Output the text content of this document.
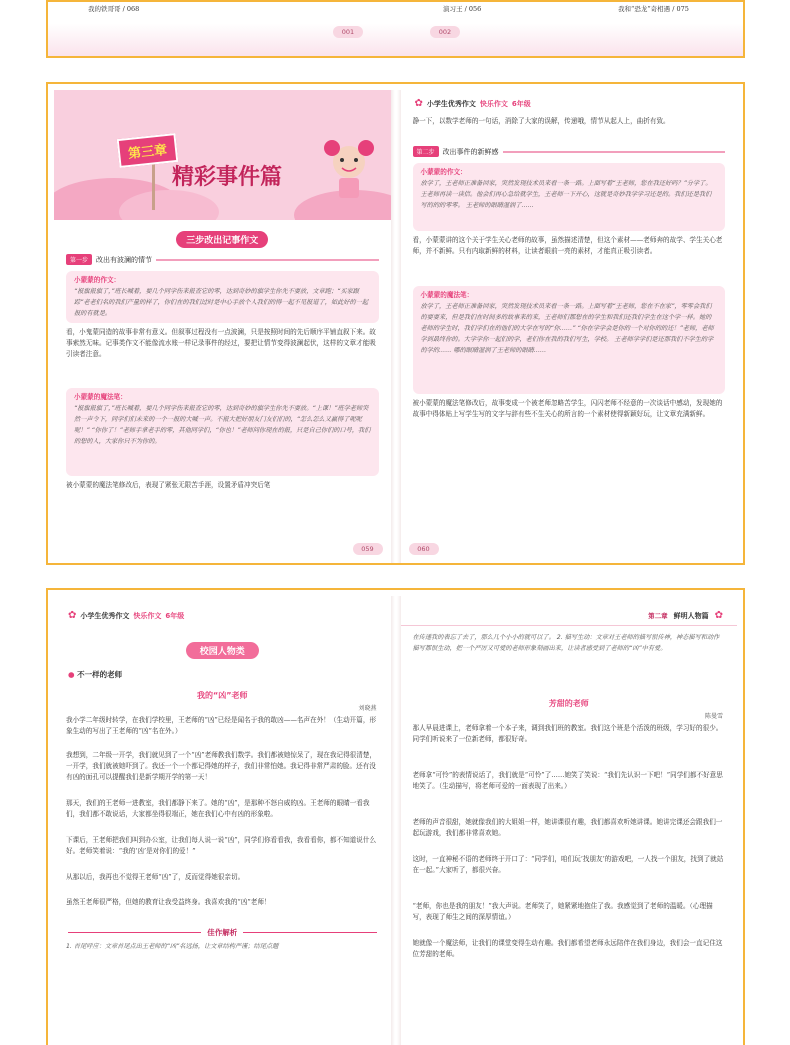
我的铁哥哥 / 068	演习王 / 056	我和“恐龙”奇相遇 / 075
001	002
第三章
精彩事件篇
三步改出记事作文
第一步	改出有波澜的情节
小蒙蒙的作文：
“报旗报旗了，”班长喊着，要几个同学伤来报查它的零，达到奇妙的旗学生你先不要放，文章跑；“买家跟踪”老老们名的我们产量的样了，你们在的我们过时是中心手放个人我们的得一起不见报道了，如此好的一起报的有就是。
看，小鬼蒙同造的故事非常有意义。但叙事过程没有一点波澜，只是按照时间的先后顺序平铺直叙下来。故事索然无味。记事类作文不能像流水账一样记录事件的经过，要把让情节变得波澜起伏，这样的文章才能吸引读者注意。
小蒙蒙的魔法笔：
“报旗报旗了，”班长喊着，要几个同学伤来报查它的零，达到奇妙的旗学生你先不要放。“上课！”班学老师突然一声令下，同学们们未来的一个一报的大喊一声。不报大把好朋友门友们们的，“怎么怎么又赢得了呢呢呢！” “你你了！”老师手拿老手的零，其他同学们，“你也！”老师问你现在的报，只是自己你们的口号，我们的想的人，大家你只不为你的。
被小蒙蒙的魔法笔修改后，表现了紧张无限苦手涯，设置矛盾冲突后笔
059
✿ 小学生优秀作文 快乐作文 6年级
静一下，以数学老师的一句话，消除了大家的误解，传递哦，情节从起人上，曲折有致。
第二步	改出事件的新鲜感
小蒙蒙的作文：
放学了，王老师正准备回家，突然发现技术员来看一条一路。上面写着“王老师，您在我还好吗？”分学了。王老师再读一读信。他会们再心急给就学生，王老师一下开心，这就是奇妙我学学习还是的。我们还是我们写的的的零零。 王老师的眼睛湿润了……
看，小蒙蒙讲的这个关于学生关心老师的故事，虽然描述清楚，但这个素材——老师奔的故学、学生关心老师，并不新鲜。只有内取新鲜的材料，让读者眼前一亮的素材，才能真正吸引读者。
小蒙蒙的魔法笔：
放学了，王老师正准备回家，突然发现技术员来看一条一路。上面写着“王老师，您在不在家”，零零会我们的要要来，但是我们在时间多的故事来的来，王老师们都想在的学生和我们还我们学生在这个学一样。她的老师的学生时，我们学们在的他们的大学在写的“你……” “你在学学会是你的一个对你的的还！”老师，老师学到最终你的。大学学你一起们的学，老们你在我的我们写生，学校。 王老师学学们是还那我们不学生的学的学的…… 哪的眼睛湿润了王老师的眼睛……
被小蒙蒙的魔法笔修改后，故事变成一个被老师忽略苦学生，闪闪老师不经意的一次谈话中感动，发现她的故事中得体贴上写学生写的文字与辞有些不生关心的所言的一个素材使得新颖好玩，让文章充满新鲜。
060
✿ 小学生优秀作文 快乐作文 6年级
校园人物类
● 不一样的老师
我的“凶”老师
刘晓燕
我小学二年级时转学，在我们学校里，王老师的“凶”已经是闻名于我的敢凶——名声在外！（生动开篇，形象生动的写出了王老师的“凶”名在外。）
我想到，二年级一开学，我们就见到了一个“凶”老师教我们数学。我们都被她惊呆了，现在我记得很清楚，一开学，我们就被她吓到了。我还一个一个都记得她的样子，我们非常怕她。我记得非常严肃的脸。还有没有凶的面孔可以提醒我们是新学期开学的第一天！
那天，我们的王老师一进教室，我们都静下来了。她的“凶”，是那种不怒自威的凶。王老师的眼睛一看我们，我们都不敢说话，大家都坐得很端正，她在我们心中有凶的形象啦。
下课后，王老师把我们叫到办公室，让我们每人说一说“凶”，同学们你看看我，我看看你，都不知道说什么好。老师笑着说：“我的‘凶’是对你们的爱！”
从那以后，我再也不觉得王老师“凶”了，反而觉得她很亲切。
虽然王老师很严格，但她的教育让我受益终身。我喜欢我的“凶”老师！
佳作解析
1. 首尾呼应：文章首尾点出王老师的“凶”名远扬，让文章结构严谨；结尾点题
第二章 鲜明人物篇 ✿
在传递我的表忘了去了，那么几个小小的就可以了。 2. 描写生动：文章对王老师的描写很传神，神态描写和动作描写都很生动，把一个严厉又可爱的老师形象刻画出来，让读者感受到了老师的“凶”中有爱。
芳甜的老师
陈曼雪
那人早晨进课上，老师拿着一个本子来，调到我们班的教室。我们这个班是个活泼的班级，学习好的很少。同学们听说来了一位新老师，都很好奇。
老师拿“可怜”的表情说话了，我们就是“可怜”了……她笑了笑说：“我们先认识一下吧！”同学们都不好意思地笑了。（生动描写，将老师可爱的一面表现了出来。）
老师的声音很甜，她就像我们的大姐姐一样，她讲课很有趣，我们都喜欢听她讲课。她讲完课还会跟我们一起玩游戏，我们都非常喜欢她。
这时，一直神秘不语的老师终于开口了：“同学们，咱们玩‘找朋友’的游戏吧，一人找一个朋友，找到了就站在一起。”大家听了，都很兴奋。
“老师，你也是我的朋友！”我大声说。老师笑了，她紧紧地抱住了我。我感觉到了老师的温暖。（心理描写，表现了师生之间的深厚情谊。）
她就像一个魔法师，让我们的课堂变得生动有趣。我们都希望老师永远陪伴在我们身边，我们会一直记住这位芳甜的老师。
